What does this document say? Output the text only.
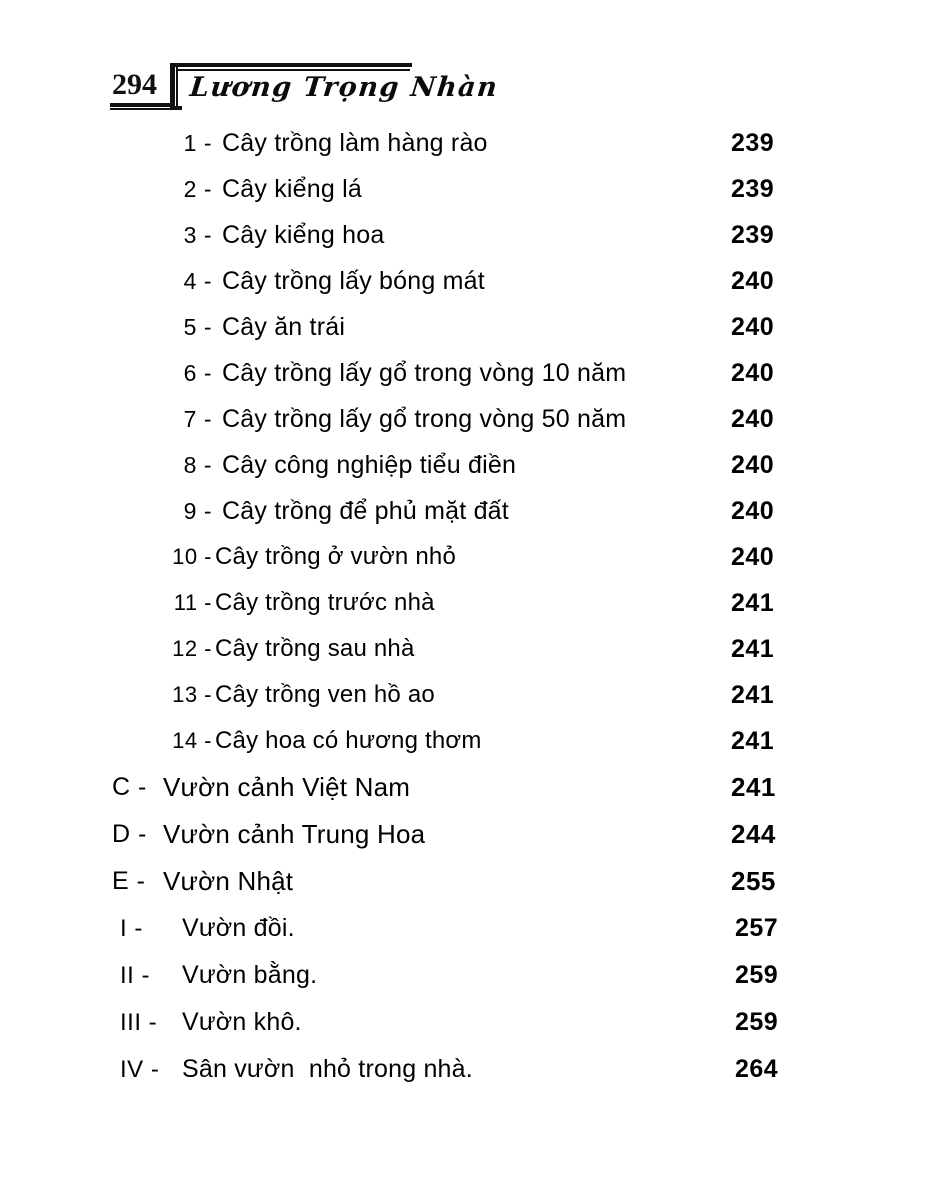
294 Lương Trọng Nhàn
1 - Cây trồng làm hàng rào	239
2 - Cây kiểng lá	239
3 - Cây kiểng hoa	239
4 - Cây trồng lấy bóng mát	240
5 - Cây ăn trái	240
6 - Cây trồng lấy gổ trong vòng 10 năm	240
7 - Cây trồng lấy gổ trong vòng 50 năm	240
8 - Cây công nghiệp tiểu điền	240
9 - Cây trồng để phủ mặt đất	240
10 - Cây trồng ở vườn nhỏ	240
11 - Cây trồng trước nhà	241
12 - Cây trồng sau nhà	241
13 - Cây trồng ven hồ ao	241
14 - Cây hoa có hương thơm	241
C - Vườn cảnh Việt Nam	241
D - Vườn cảnh Trung Hoa	244
E - Vườn Nhật	255
I -	Vườn đồi.	257
II -	Vườn bằng.	259
III - Vườn khô.	259
IV - Sân vườn  nhỏ trong nhà.	264
